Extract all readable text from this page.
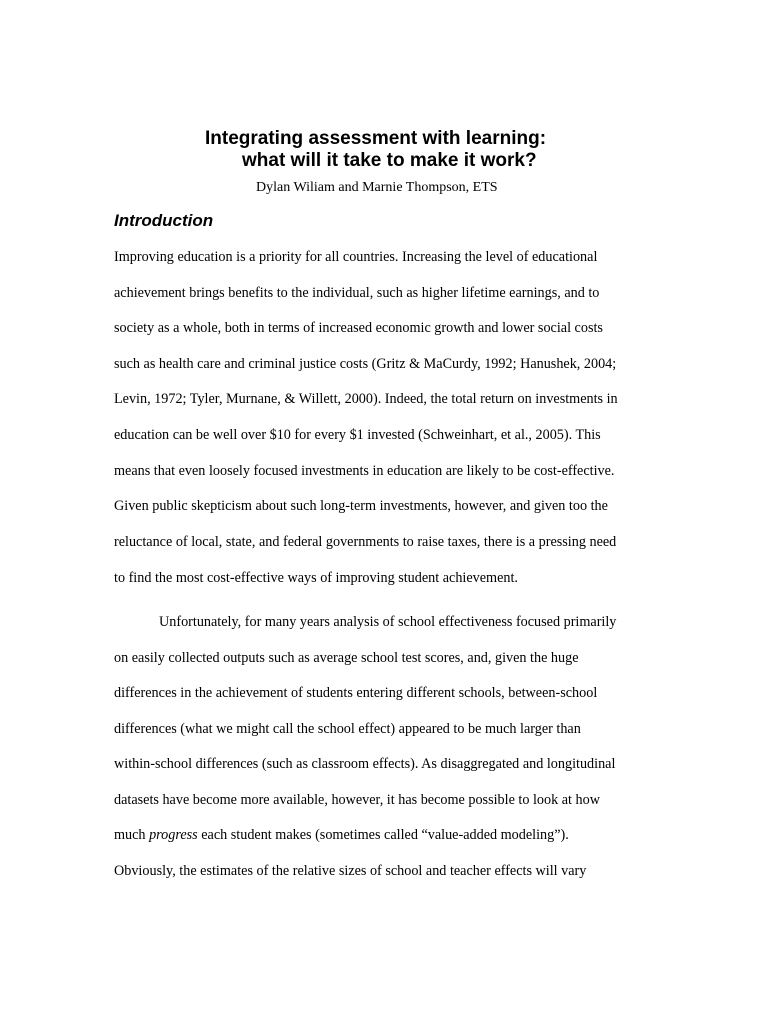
Integrating assessment with learning:
what will it take to make it work?
Dylan Wiliam and Marnie Thompson, ETS
Introduction
Improving education is a priority for all countries. Increasing the level of educational
achievement brings benefits to the individual, such as higher lifetime earnings, and to
society as a whole, both in terms of increased economic growth and lower social costs
such as health care and criminal justice costs (Gritz & MaCurdy, 1992; Hanushek, 2004;
Levin, 1972; Tyler, Murnane, & Willett, 2000). Indeed, the total return on investments in
education can be well over $10 for every $1 invested (Schweinhart, et al., 2005). This
means that even loosely focused investments in education are likely to be cost-effective.
Given public skepticism about such long-term investments, however, and given too the
reluctance of local, state, and federal governments to raise taxes, there is a pressing need
to find the most cost-effective ways of improving student achievement.
Unfortunately, for many years analysis of school effectiveness focused primarily
on easily collected outputs such as average school test scores, and, given the huge
differences in the achievement of students entering different schools, between-school
differences (what we might call the school effect) appeared to be much larger than
within-school differences (such as classroom effects). As disaggregated and longitudinal
datasets have become more available, however, it has become possible to look at how
much progress each student makes (sometimes called “value-added modeling”).
Obviously, the estimates of the relative sizes of school and teacher effects will vary
